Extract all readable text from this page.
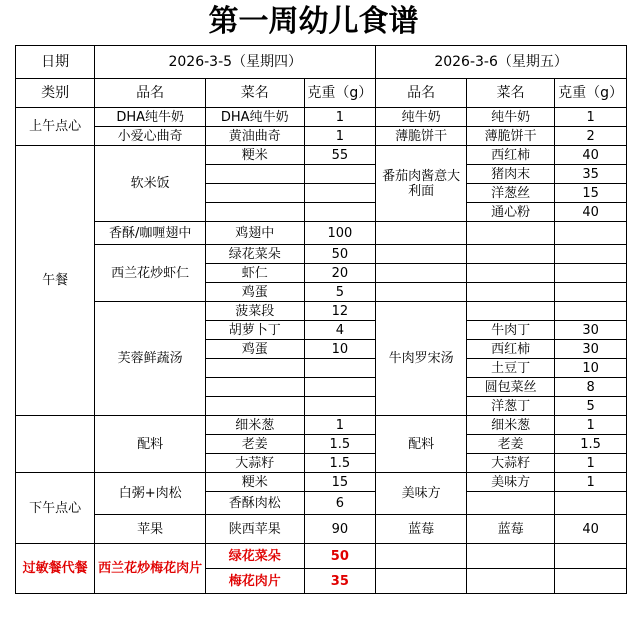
第一周幼儿食谱
日期	2026-3-5（星期四）			2026-3-6（星期五）		
类别	品名	菜名	克重（g）	品名	菜名	克重（g）
上午点心	DHA纯牛奶	DHA纯牛奶	1	纯牛奶	纯牛奶	1
	小爱心曲奇	黄油曲奇	1	薄脆饼干	薄脆饼干	2
午餐	软米饭	粳米	55	番茄肉酱意大利面	西红柿	40
					猪肉末	35
					洋葱丝	15
					通心粉	40
	香酥/咖喱翅中	鸡翅中	100			
	西兰花炒虾仁	绿花菜朵	50			
		虾仁	20			
		鸡蛋	5			
	芙蓉鲜蔬汤	菠菜段	12	牛肉罗宋汤		
		胡萝卜丁	4		牛肉丁	30
		鸡蛋	10		西红柿	30
					土豆丁	10
					圆包菜丝	8
					洋葱丁	5
	配料	细米葱	1	配料	细米葱	1
		老姜	1.5		老姜	1.5
		大蒜籽	1.5		大蒜籽	1
下午点心	白粥+肉松	粳米	15	美味方	美味方	1
		香酥肉松	6			
	苹果	陕西苹果	90	蓝莓	蓝莓	40
过敏餐代餐	西兰花炒梅花肉片	绿花菜朵	50			
		梅花肉片	35			
